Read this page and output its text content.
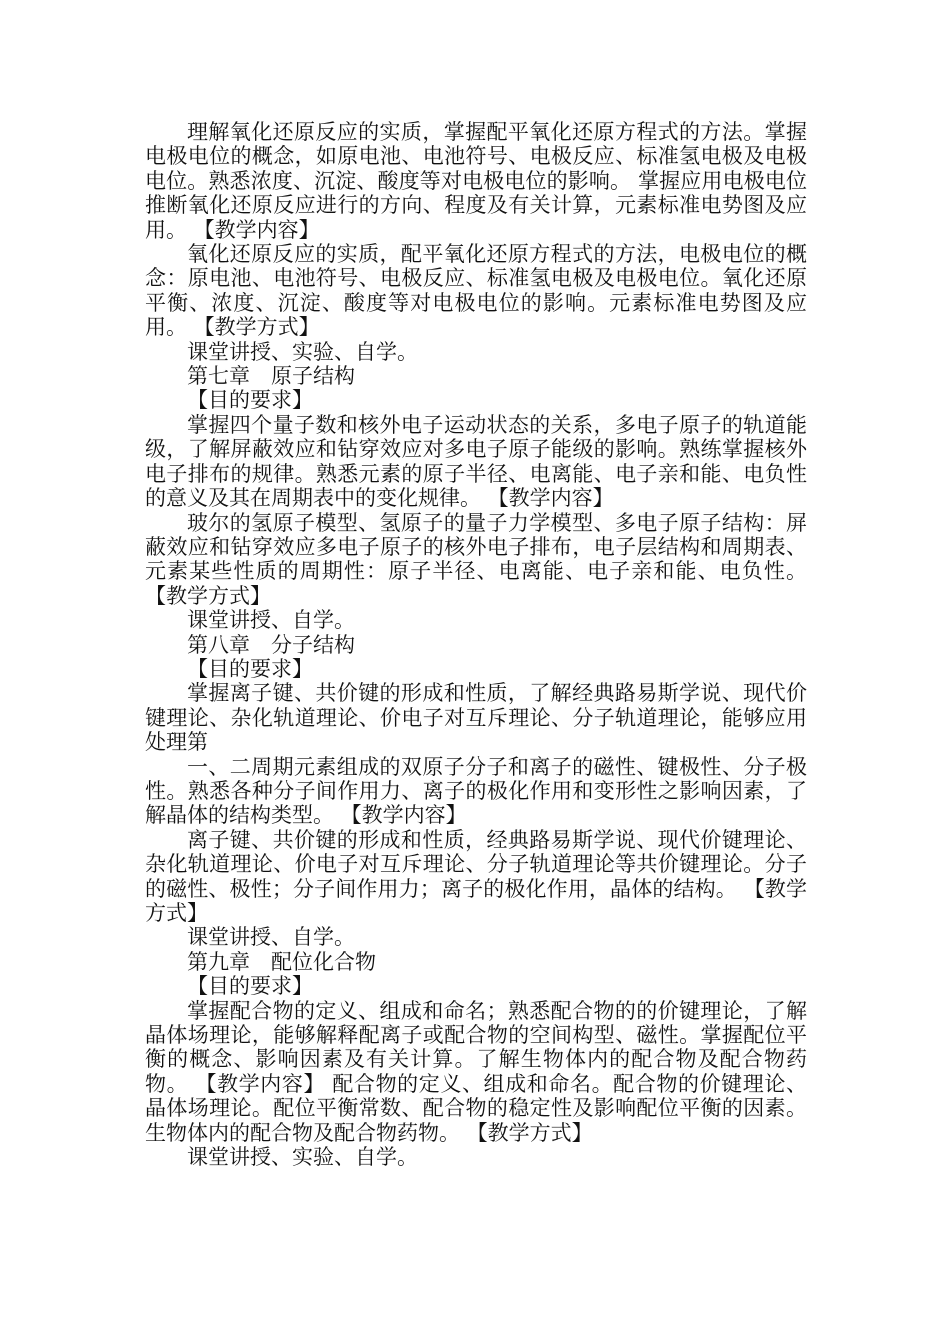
理解氧化还原反应的实质，掌握配平氧化还原方程式的方法。掌握电极电位的概念，如原电池、电池符号、电极反应、标准氢电极及电极电位。熟悉浓度、沉淀、酸度等对电极电位的影响。 掌握应用电极电位推断氧化还原反应进行的方向、程度及有关计算，元素标准电势图及应用。 【教学内容】

氧化还原反应的实质，配平氧化还原方程式的方法，电极电位的概念：原电池、电池符号、电极反应、标准氢电极及电极电位。氧化还原平衡、浓度、沉淀、酸度等对电极电位的影响。元素标准电势图及应用。 【教学方式】

课堂讲授、实验、自学。

第七章　原子结构

【目的要求】

掌握四个量子数和核外电子运动状态的关系，多电子原子的轨道能级，了解屏蔽效应和钻穿效应对多电子原子能级的影响。熟练掌握核外电子排布的规律。熟悉元素的原子半径、电离能、电子亲和能、电负性的意义及其在周期表中的变化规律。 【教学内容】

玻尔的氢原子模型、氢原子的量子力学模型、多电子原子结构：屏蔽效应和钻穿效应多电子原子的核外电子排布，电子层结构和周期表、元素某些性质的周期性：原子半径、电离能、电子亲和能、电负性。 【教学方式】

课堂讲授、自学。

第八章　分子结构

【目的要求】

掌握离子键、共价键的形成和性质，了解经典路易斯学说、现代价键理论、杂化轨道理论、价电子对互斥理论、分子轨道理论，能够应用处理第

一、二周期元素组成的双原子分子和离子的磁性、键极性、分子极性。熟悉各种分子间作用力、离子的极化作用和变形性之影响因素，了解晶体的结构类型。 【教学内容】

离子键、共价键的形成和性质，经典路易斯学说、现代价键理论、杂化轨道理论、价电子对互斥理论、分子轨道理论等共价键理论。分子的磁性、极性；分子间作用力；离子的极化作用，晶体的结构。 【教学方式】

课堂讲授、自学。

第九章　配位化合物

【目的要求】

掌握配合物的定义、组成和命名；熟悉配合物的的价键理论，了解晶体场理论，能够解释配离子或配合物的空间构型、磁性。掌握配位平衡的概念、影响因素及有关计算。了解生物体内的配合物及配合物药物。 【教学内容】 配合物的定义、组成和命名。配合物的价键理论、晶体场理论。配位平衡常数、配合物的稳定性及影响配位平衡的因素。生物体内的配合物及配合物药物。 【教学方式】

课堂讲授、实验、自学。
